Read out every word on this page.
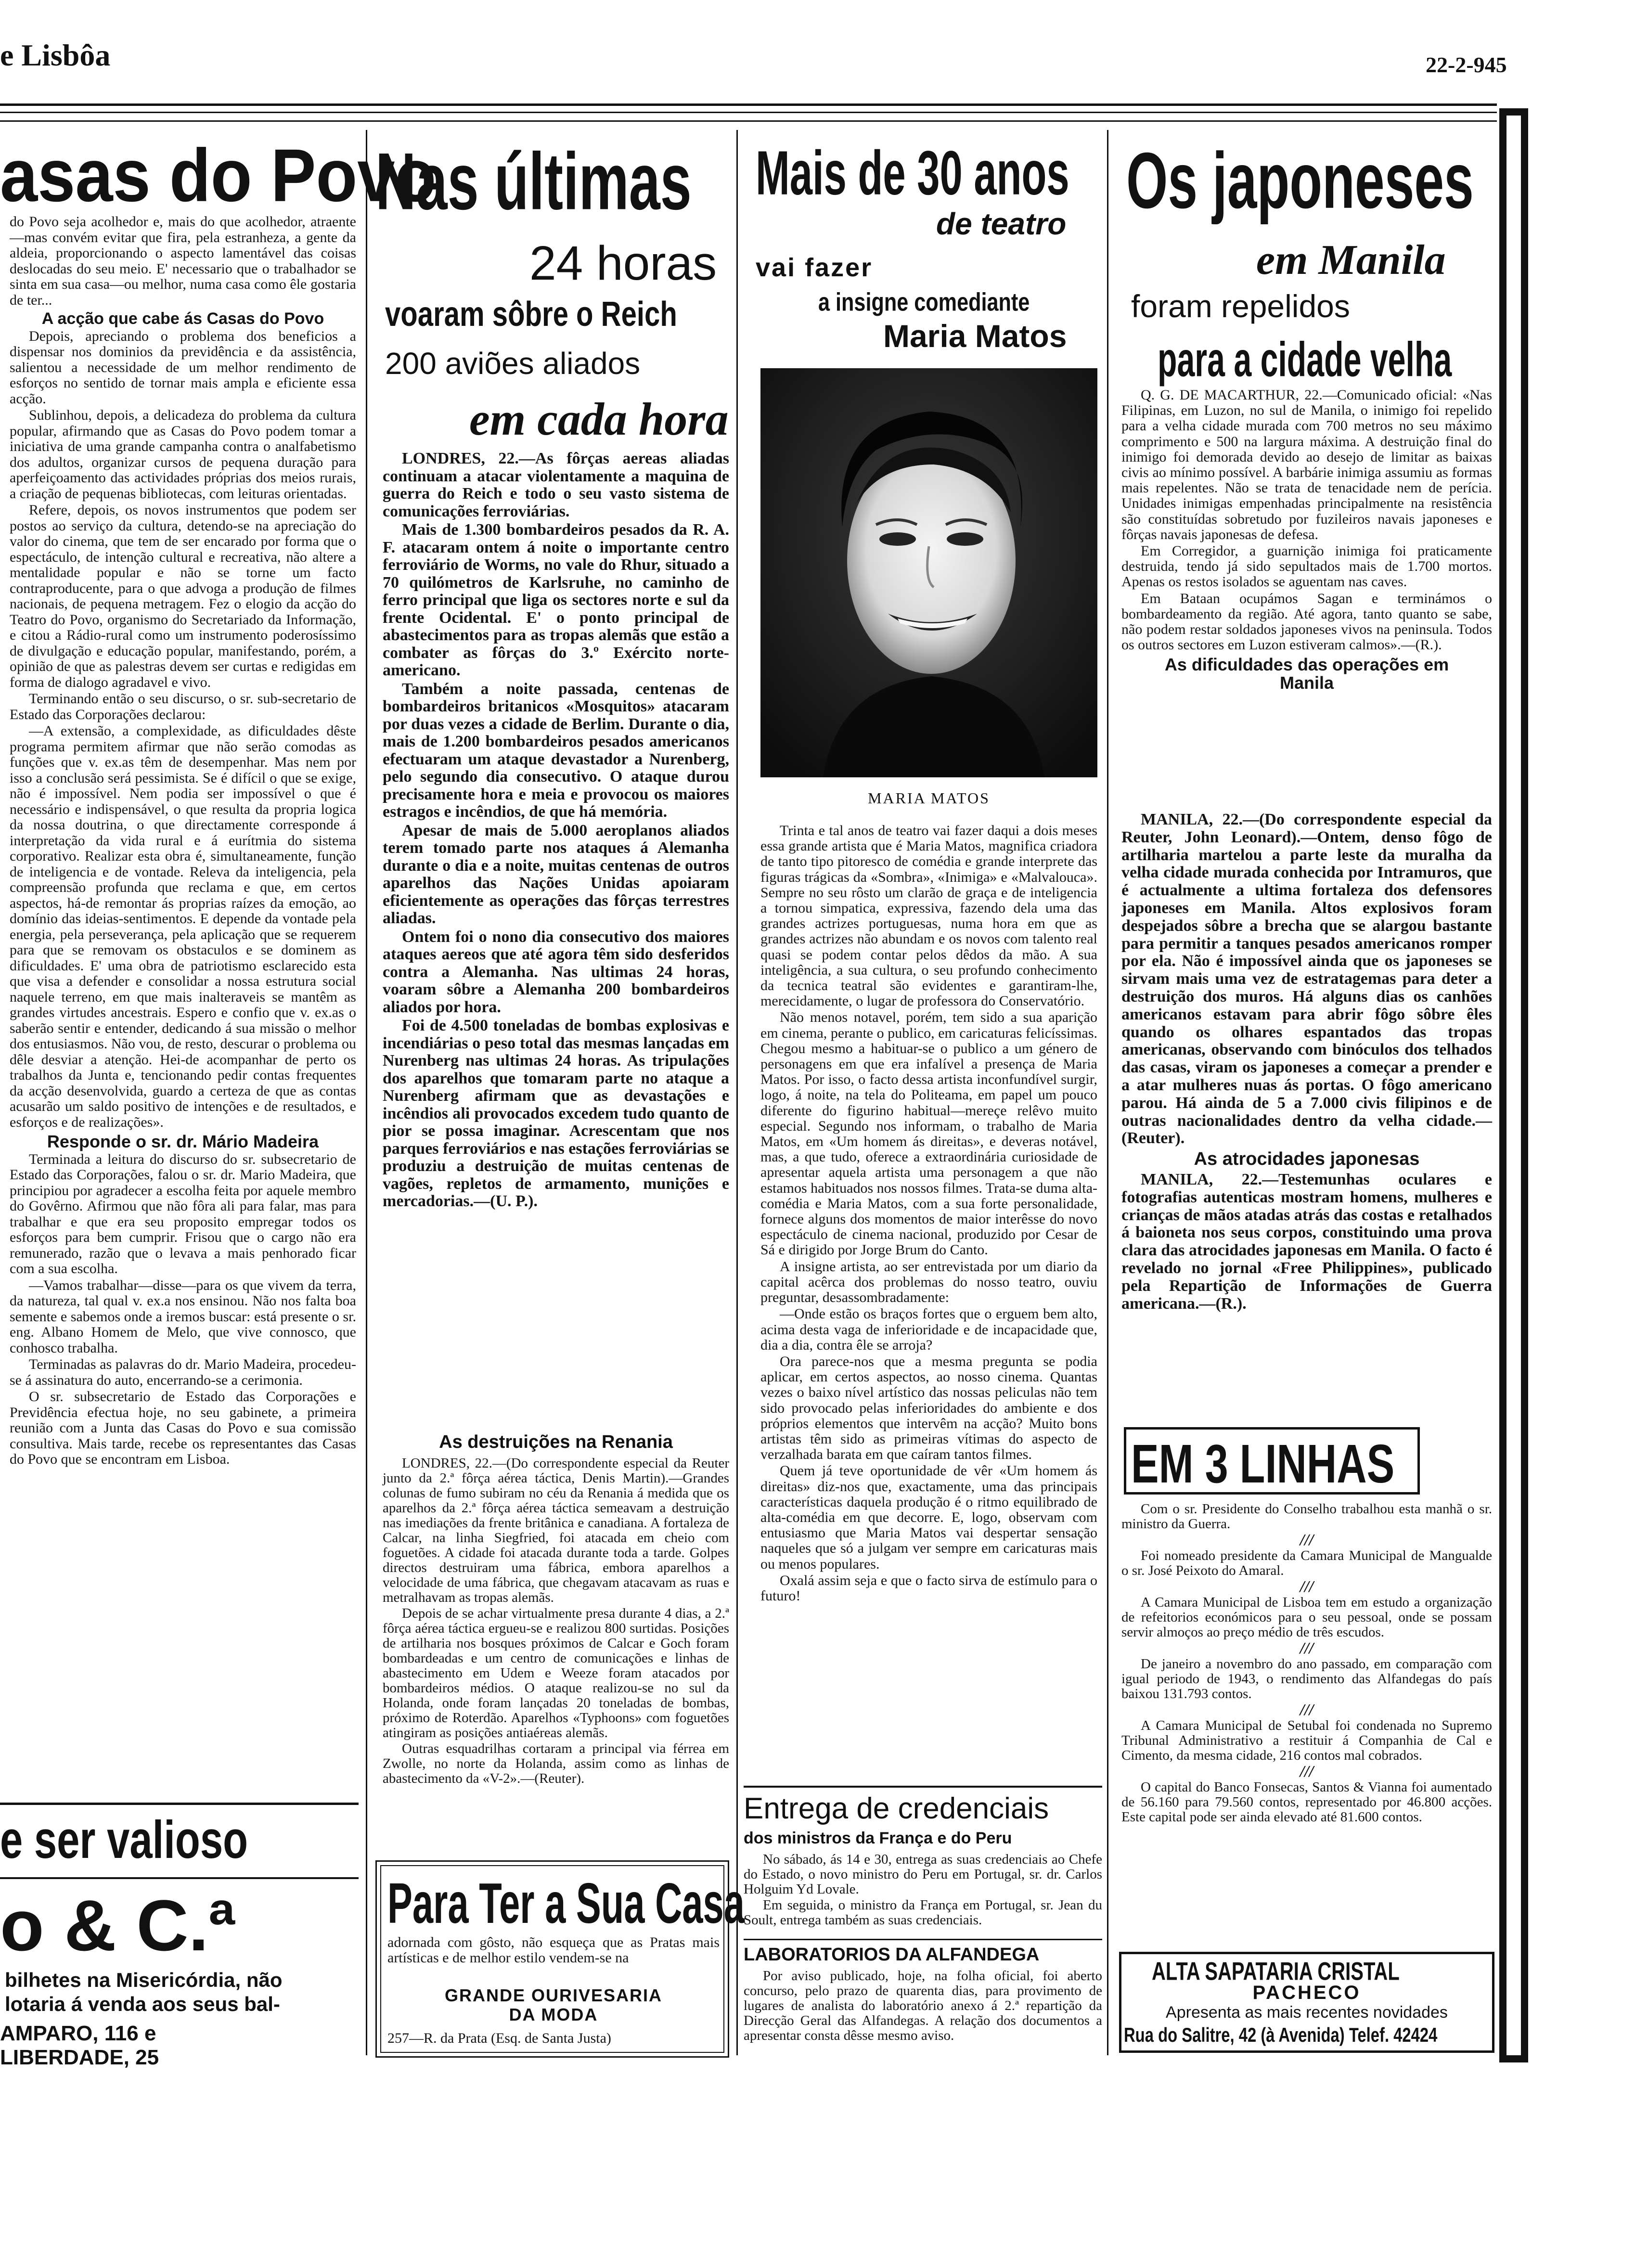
e Lisbôa	22-2-945
asas do Povo

do Povo seja acolhedor e, mais do que acolhedor, atraente—mas convém evitar que fira, pela estranheza, a gente da aldeia, proporcionando o aspecto lamentável das coisas deslocadas do seu meio. E' necessario que o trabalhador se sinta em sua casa—ou melhor, numa casa como êle gostaria de ter...

A acção que cabe ás Casas do Povo

Depois, apreciando o problema dos beneficios a dispensar nos dominios da previdência e da assistência, salientou a necessidade de um melhor rendimento de esforços no sentido de tornar mais ampla e eficiente essa acção.

Sublinhou, depois, a delicadeza do problema da cultura popular, afirmando que as Casas do Povo podem tomar a iniciativa de uma grande campanha contra o analfabetismo dos adultos, organizar cursos de pequena duração para aperfeiçoamento das actividades próprias dos meios rurais, a criação de pequenas bibliotecas, com leituras orientadas.

Refere, depois, os novos instrumentos que podem ser postos ao serviço da cultura, detendo-se na apreciação do valor do cinema, que tem de ser encarado por forma que o espectáculo, de intenção cultural e recreativa, não altere a mentalidade popular e não se torne um facto contraproducente, para o que advoga a produção de filmes nacionais, de pequena metragem. Fez o elogio da acção do Teatro do Povo, organismo do Secretariado da Informação, e citou a Rádio-rural como um instrumento poderosíssimo de divulgação e educação popular, manifestando, porém, a opinião de que as palestras devem ser curtas e redigidas em forma de dialogo agradavel e vivo.

Terminando então o seu discurso, o sr. sub-secretario de Estado das Corporações declarou:

—A extensão, a complexidade, as dificuldades dêste programa permitem afirmar que não serão comodas as funções que v. ex.as têm de desempenhar. Mas nem por isso a conclusão será pessimista. Se é difícil o que se exige, não é impossível. Nem podia ser impossível o que é necessário e indispensável, o que resulta da propria logica da nossa doutrina, o que directamente corresponde á interpretação da vida rural e á eurítmia do sistema corporativo. Realizar esta obra é, simultaneamente, função de inteligencia e de vontade. Releva da inteligencia, pela compreensão profunda que reclama e que, em certos aspectos, há-de remontar ás proprias raízes da emoção, ao domínio das ideias-sentimentos. E depende da vontade pela energia, pela perseverança, pela aplicação que se requerem para que se removam os obstaculos e se dominem as dificuldades. E' uma obra de patriotismo esclarecido esta que visa a defender e consolidar a nossa estrutura social naquele terreno, em que mais inalteraveis se mantêm as grandes virtudes ancestrais. Espero e confio que v. ex.as o saberão sentir e entender, dedicando á sua missão o melhor dos entusiasmos. Não vou, de resto, descurar o problema ou dêle desviar a atenção. Hei-de acompanhar de perto os trabalhos da Junta e, tencionando pedir contas frequentes da acção desenvolvida, guardo a certeza de que as contas acusarão um saldo positivo de intenções e de resultados, e esforços e de realizações».

Responde o sr. dr. Mário Madeira

Terminada a leitura do discurso do sr. subsecretario de Estado das Corporações, falou o sr. dr. Mario Madeira, que principiou por agradecer a escolha feita por aquele membro do Govêrno. Afirmou que não fôra ali para falar, mas para trabalhar e que era seu proposito empregar todos os esforços para bem cumprir. Frisou que o cargo não era remunerado, razão que o levava a mais penhorado ficar com a sua escolha.

—Vamos trabalhar—disse—para os que vivem da terra, da natureza, tal qual v. ex.a nos ensinou. Não nos falta boa semente e sabemos onde a iremos buscar: está presente o sr. eng. Albano Homem de Melo, que vive connosco, que conhosco trabalha.

Terminadas as palavras do dr. Mario Madeira, procedeu-se á assinatura do auto, encerrando-se a cerimonia.

O sr. subsecretario de Estado das Corporações e Previdência efectua hoje, no seu gabinete, a primeira reunião com a Junta das Casas do Povo e sua comissão consultiva. Mais tarde, recebe os representantes das Casas do Povo que se encontram em Lisboa.

e ser valioso
o & C.ª
bilhetes na Misericórdia, não
lotaria á venda aos seus bal-
AMPARO, 116 e
LIBERDADE, 25
Nas últimas
24 horas
voaram sôbre o Reich
200 aviões aliados
em cada hora

LONDRES, 22.—As fôrças aereas aliadas continuam a atacar violentamente a maquina de guerra do Reich e todo o seu vasto sistema de comunicações ferroviárias.

Mais de 1.300 bombardeiros pesados da R. A. F. atacaram ontem á noite o importante centro ferroviário de Worms, no vale do Rhur, situado a 70 quilómetros de Karlsruhe, no caminho de ferro principal que liga os sectores norte e sul da frente Ocidental. E' o ponto principal de abastecimentos para as tropas alemãs que estão a combater as fôrças do 3.º Exército norte-americano.

Também a noite passada, centenas de bombardeiros britanicos «Mosquitos» atacaram por duas vezes a cidade de Berlim. Durante o dia, mais de 1.200 bombardeiros pesados americanos efectuaram um ataque devastador a Nurenberg, pelo segundo dia consecutivo. O ataque durou precisamente hora e meia e provocou os maiores estragos e incêndios, de que há memória.

Apesar de mais de 5.000 aeroplanos aliados terem tomado parte nos ataques á Alemanha durante o dia e a noite, muitas centenas de outros aparelhos das Nações Unidas apoiaram eficientemente as operações das fôrças terrestres aliadas.

Ontem foi o nono dia consecutivo dos maiores ataques aereos que até agora têm sido desferidos contra a Alemanha. Nas ultimas 24 horas, voaram sôbre a Alemanha 200 bombardeiros aliados por hora.

Foi de 4.500 toneladas de bombas explosivas e incendiárias o peso total das mesmas lançadas em Nurenberg nas ultimas 24 horas. As tripulações dos aparelhos que tomaram parte no ataque a Nurenberg afirmam que as devastações e incêndios ali provocados excedem tudo quanto de pior se possa imaginar. Acrescentam que nos parques ferroviários e nas estações ferroviárias se produziu a destruição de muitas centenas de vagões, repletos de armamento, munições e mercadorias.—(U. P.).

As destruições na Renania

LONDRES, 22.—(Do correspondente especial da Reuter junto da 2.ª fôrça aérea táctica, Denis Martin).—Grandes colunas de fumo subiram no céu da Renania á medida que os aparelhos da 2.ª fôrça aérea táctica semeavam a destruição nas imediações da frente britânica e canadiana. A fortaleza de Calcar, na linha Siegfried, foi atacada em cheio com foguetões. A cidade foi atacada durante toda a tarde. Golpes directos destruiram uma fábrica, embora aparelhos a velocidade de uma fábrica, que chegavam atacavam as ruas e metralhavam as tropas alemãs.

Depois de se achar virtualmente presa durante 4 dias, a 2.ª fôrça aérea táctica ergueu-se e realizou 800 surtidas. Posições de artilharia nos bosques próximos de Calcar e Goch foram bombardeadas e um centro de comunicações e linhas de abastecimento em Udem e Weeze foram atacados por bombardeiros médios. O ataque realizou-se no sul da Holanda, onde foram lançadas 20 toneladas de bombas, próximo de Roterdão. Aparelhos «Typhoons» com foguetões atingiram as posições antiaéreas alemãs.

Outras esquadrilhas cortaram a principal via férrea em Zwolle, no norte da Holanda, assim como as linhas de abastecimento da «V-2».—(Reuter).

Para Ter a Sua Casa
adornada com gôsto, não esqueça que as Pratas mais artísticas e de melhor estilo vendem-se na
GRANDE OURIVESARIA
DA MODA
257—R. da Prata (Esq. de Santa Justa)
Mais de 30 anos
de teatro
vai fazer
a insigne comediante
Maria Matos
MARIA MATOS

Trinta e tal anos de teatro vai fazer daqui a dois meses essa grande artista que é Maria Matos, magnifica criadora de tanto tipo pitoresco de comédia e grande interprete das figuras trágicas da «Sombra», «Inimiga» e «Malvalouca». Sempre no seu rôsto um clarão de graça e de inteligencia a tornou simpatica, expressiva, fazendo dela uma das grandes actrizes portuguesas, numa hora em que as grandes actrizes não abundam e os novos com talento real quasi se podem contar pelos dêdos da mão. A sua inteligência, a sua cultura, o seu profundo conhecimento da tecnica teatral são evidentes e garantiram-lhe, merecidamente, o lugar de professora do Conservatório.

Não menos notavel, porém, tem sido a sua aparição em cinema, perante o publico, em caricaturas felicíssimas. Chegou mesmo a habituar-se o publico a um género de personagens em que era infalível a presença de Maria Matos. Por isso, o facto dessa artista inconfundível surgir, logo, á noite, na tela do Politeama, em papel um pouco diferente do figurino habitual—mereçe relêvo muito especial. Segundo nos informam, o trabalho de Maria Matos, em «Um homem ás direitas», e deveras notável, mas, a que tudo, oferece a extraordinária curiosidade de apresentar aquela artista uma personagem a que não estamos habituados nos nossos filmes. Trata-se duma alta-comédia e Maria Matos, com a sua forte personalidade, fornece alguns dos momentos de maior interêsse do novo espectáculo de cinema nacional, produzido por Cesar de Sá e dirigido por Jorge Brum do Canto.

A insigne artista, ao ser entrevistada por um diario da capital acêrca dos problemas do nosso teatro, ouviu preguntar, desassombradamente:

—Onde estão os braços fortes que o erguem bem alto, acima desta vaga de inferioridade e de incapacidade que, dia a dia, contra êle se arroja?

Ora parece-nos que a mesma pregunta se podia aplicar, em certos aspectos, ao nosso cinema. Quantas vezes o baixo nível artístico das nossas peliculas não tem sido provocado pelas inferioridades do ambiente e dos próprios elementos que intervêm na acção? Muito bons artistas têm sido as primeiras vítimas do aspecto de verzalhada barata em que caíram tantos filmes.

Quem já teve oportunidade de vêr «Um homem ás direitas» diz-nos que, exactamente, uma das principais características daquela produção é o ritmo equilibrado de alta-comédia em que decorre. E, logo, observam com entusiasmo que Maria Matos vai despertar sensação naqueles que só a julgam ver sempre em caricaturas mais ou menos populares.

Oxalá assim seja e que o facto sirva de estímulo para o futuro!

Entrega de credenciais
dos ministros da França e do Peru

No sábado, ás 14 e 30, entrega as suas credenciais ao Chefe do Estado, o novo ministro do Peru em Portugal, sr. dr. Carlos Holguim Yd Lovale.

Em seguida, o ministro da França em Portugal, sr. Jean du Soult, entrega também as suas credenciais.

LABORATORIOS DA ALFANDEGA

Por aviso publicado, hoje, na folha oficial, foi aberto concurso, pelo prazo de quarenta dias, para provimento de lugares de analista do laboratório anexo á 2.ª repartição da Direcção Geral das Alfandegas. A relação dos documentos a apresentar consta dêsse mesmo aviso.

Os japoneses
em Manila
foram repelidos
para a cidade velha

Q. G. DE MACARTHUR, 22.—Comunicado oficial: «Nas Filipinas, em Luzon, no sul de Manila, o inimigo foi repelido para a velha cidade murada com 700 metros no seu máximo comprimento e 500 na largura máxima. A destruição final do inimigo foi demorada devido ao desejo de limitar as baixas civis ao mínimo possível. A barbárie inimiga assumiu as formas mais repelentes. Não se trata de tenacidade nem de perícia. Unidades inimigas empenhadas principalmente na resistência são constituídas sobretudo por fuzileiros navais japoneses e fôrças navais japonesas de defesa.

Em Corregidor, a guarnição inimiga foi praticamente destruida, tendo já sido sepultados mais de 1.700 mortos. Apenas os restos isolados se aguentam nas caves.

Em Bataan ocupámos Sagan e terminámos o bombardeamento da região. Até agora, tanto quanto se sabe, não podem restar soldados japoneses vivos na peninsula. Todos os outros sectores em Luzon estiveram calmos».—(R.).

As dificuldades das operações em Manila

MANILA, 22.—(Do correspondente especial da Reuter, John Leonard).—Ontem, denso fôgo de artilharia martelou a parte leste da muralha da velha cidade murada conhecida por Intramuros, que é actualmente a ultima fortaleza dos defensores japoneses em Manila. Altos explosivos foram despejados sôbre a brecha que se alargou bastante para permitir a tanques pesados americanos romper por ela. Não é impossível ainda que os japoneses se sirvam mais uma vez de estratagemas para deter a destruição dos muros. Há alguns dias os canhões americanos estavam para abrir fôgo sôbre êles quando os olhares espantados das tropas americanas, observando com binóculos dos telhados das casas, viram os japoneses a começar a prender e a atar mulheres nuas ás portas. O fôgo americano parou. Há ainda de 5 a 7.000 civis filipinos e de outras nacionalidades dentro da velha cidade.—(Reuter).

As atrocidades japonesas

MANILA, 22.—Testemunhas oculares e fotografias autenticas mostram homens, mulheres e crianças de mãos atadas atrás das costas e retalhados á baioneta nos seus corpos, constituindo uma prova clara das atrocidades japonesas em Manila. O facto é revelado no jornal «Free Philippines», publicado pela Repartição de Informações de Guerra americana.—(R.).

EM 3 LINHAS

Com o sr. Presidente do Conselho trabalhou esta manhã o sr. ministro da Guerra.

///

Foi nomeado presidente da Camara Municipal de Mangualde o sr. José Peixoto do Amaral.

///

A Camara Municipal de Lisboa tem em estudo a organização de refeitorios económicos para o seu pessoal, onde se possam servir almoços ao preço médio de três escudos.

///

De janeiro a novembro do ano passado, em comparação com igual periodo de 1943, o rendimento das Alfandegas do país baixou 131.793 contos.

///

A Camara Municipal de Setubal foi condenada no Supremo Tribunal Administrativo a restituir á Companhia de Cal e Cimento, da mesma cidade, 216 contos mal cobrados.

///

O capital do Banco Fonsecas, Santos & Vianna foi aumentado de 56.160 para 79.560 contos, representado por 46.800 acções. Este capital pode ser ainda elevado até 81.600 contos.

ALTA SAPATARIA CRISTAL
PACHECO
Apresenta as mais recentes novidades
Rua do Salitre, 42 (à Avenida) Telef. 42424
